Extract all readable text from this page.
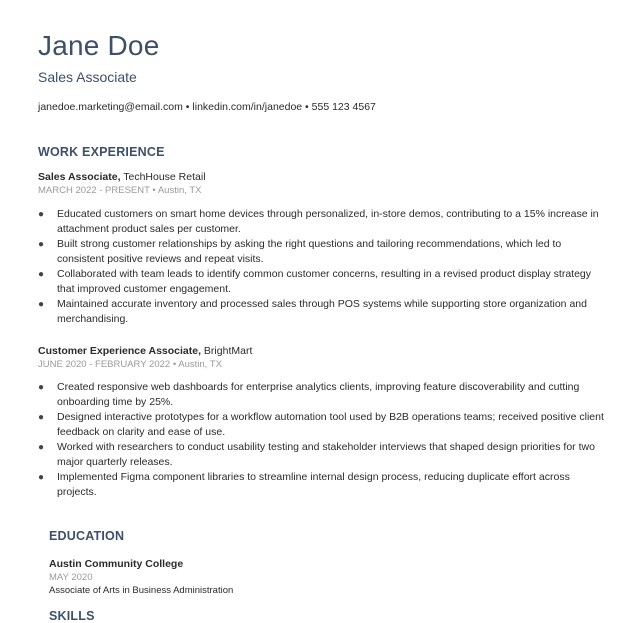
Jane Doe
Sales Associate
janedoe.marketing@email.com • linkedin.com/in/janedoe • 555 123 4567
WORK EXPERIENCE
Sales Associate, TechHouse Retail
MARCH 2022 - PRESENT • Austin, TX
● Educated customers on smart home devices through personalized, in-store demos, contributing to a 15% increase in attachment product sales per customer.
● Built strong customer relationships by asking the right questions and tailoring recommendations, which led to consistent positive reviews and repeat visits.
● Collaborated with team leads to identify common customer concerns, resulting in a revised product display strategy that improved customer engagement.
● Maintained accurate inventory and processed sales through POS systems while supporting store organization and merchandising.
Customer Experience Associate, BrightMart
JUNE 2020 - FEBRUARY 2022 • Austin, TX
● Created responsive web dashboards for enterprise analytics clients, improving feature discoverability and cutting onboarding time by 25%.
● Designed interactive prototypes for a workflow automation tool used by B2B operations teams; received positive client feedback on clarity and ease of use.
● Worked with researchers to conduct usability testing and stakeholder interviews that shaped design priorities for two major quarterly releases.
● Implemented Figma component libraries to streamline internal design process, reducing duplicate effort across projects.
EDUCATION
Austin Community College
MAY 2020
Associate of Arts in Business Administration
SKILLS
